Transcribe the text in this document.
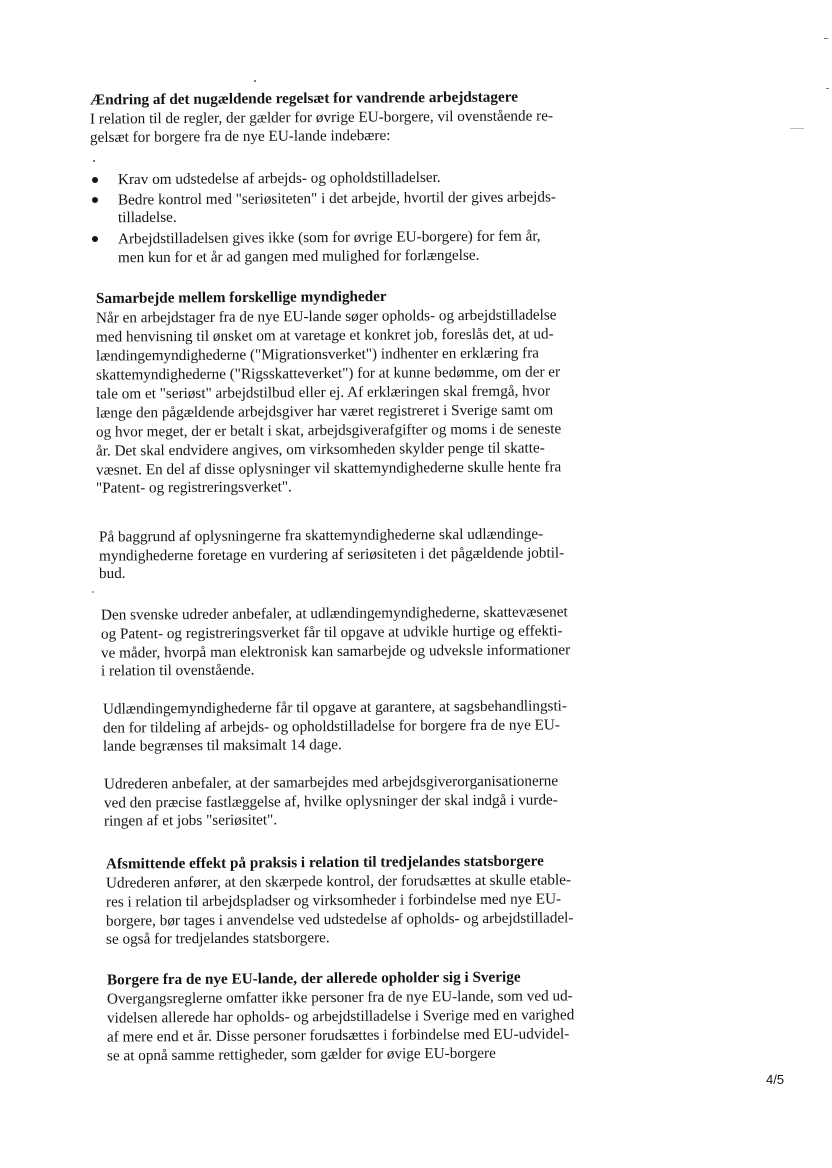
Ændring af det nugældende regelsæt for vandrende arbejdstagere
I relation til de regler, der gælder for øvrige EU-borgere, vil ovenstående re-
gelsæt for borgere fra de nye EU-lande indebære:
Krav om udstedelse af arbejds- og opholdstilladelser.
Bedre kontrol med "seriøsiteten" i det arbejde, hvortil der gives arbejds-
tilladelse.
Arbejdstilladelsen gives ikke (som for øvrige EU-borgere) for fem år,
men kun for et år ad gangen med mulighed for forlængelse.
Samarbejde mellem forskellige myndigheder
Når en arbejdstager fra de nye EU-lande søger opholds- og arbejdstilladelse
med henvisning til ønsket om at varetage et konkret job, foreslås det, at ud-
lændingemyndighederne ("Migrationsverket") indhenter en erklæring fra
skattemyndighederne ("Rigsskatteverket") for at kunne bedømme, om der er
tale om et "seriøst" arbejdstilbud eller ej. Af erklæringen skal fremgå, hvor
længe den pågældende arbejdsgiver har været registreret i Sverige samt om
og hvor meget, der er betalt i skat, arbejdsgiverafgifter og moms i de seneste
år. Det skal endvidere angives, om virksomheden skylder penge til skatte-
væsnet. En del af disse oplysninger vil skattemyndighederne skulle hente fra
"Patent- og registreringsverket".
På baggrund af oplysningerne fra skattemyndighederne skal udlændinge-
myndighederne foretage en vurdering af seriøsiteten i det pågældende jobtil-
bud.
Den svenske udreder anbefaler, at udlændingemyndighederne, skattevæsenet
og Patent- og registreringsverket får til opgave at udvikle hurtige og effekti-
ve måder, hvorpå man elektronisk kan samarbejde og udveksle informationer
i relation til ovenstående.
Udlændingemyndighederne får til opgave at garantere, at sagsbehandlingsti-
den for tildeling af arbejds- og opholdstilladelse for borgere fra de nye EU-
lande begrænses til maksimalt 14 dage.
Udrederen anbefaler, at der samarbejdes med arbejdsgiverorganisationerne
ved den præcise fastlæggelse af, hvilke oplysninger der skal indgå i vurde-
ringen af et jobs "seriøsitet".
Afsmittende effekt på praksis i relation til tredjelandes statsborgere
Udrederen anfører, at den skærpede kontrol, der forudsættes at skulle etable-
res i relation til arbejdspladser og virksomheder i forbindelse med nye EU-
borgere, bør tages i anvendelse ved udstedelse af opholds- og arbejdstilladel-
se også for tredjelandes statsborgere.
Borgere fra de nye EU-lande, der allerede opholder sig i Sverige
Overgangsreglerne omfatter ikke personer fra de nye EU-lande, som ved ud-
videlsen allerede har opholds- og arbejdstilladelse i Sverige med en varighed
af mere end et år. Disse personer forudsættes i forbindelse med EU-udvidel-
se at opnå samme rettigheder, som gælder for øvige EU-borgere
4/5
